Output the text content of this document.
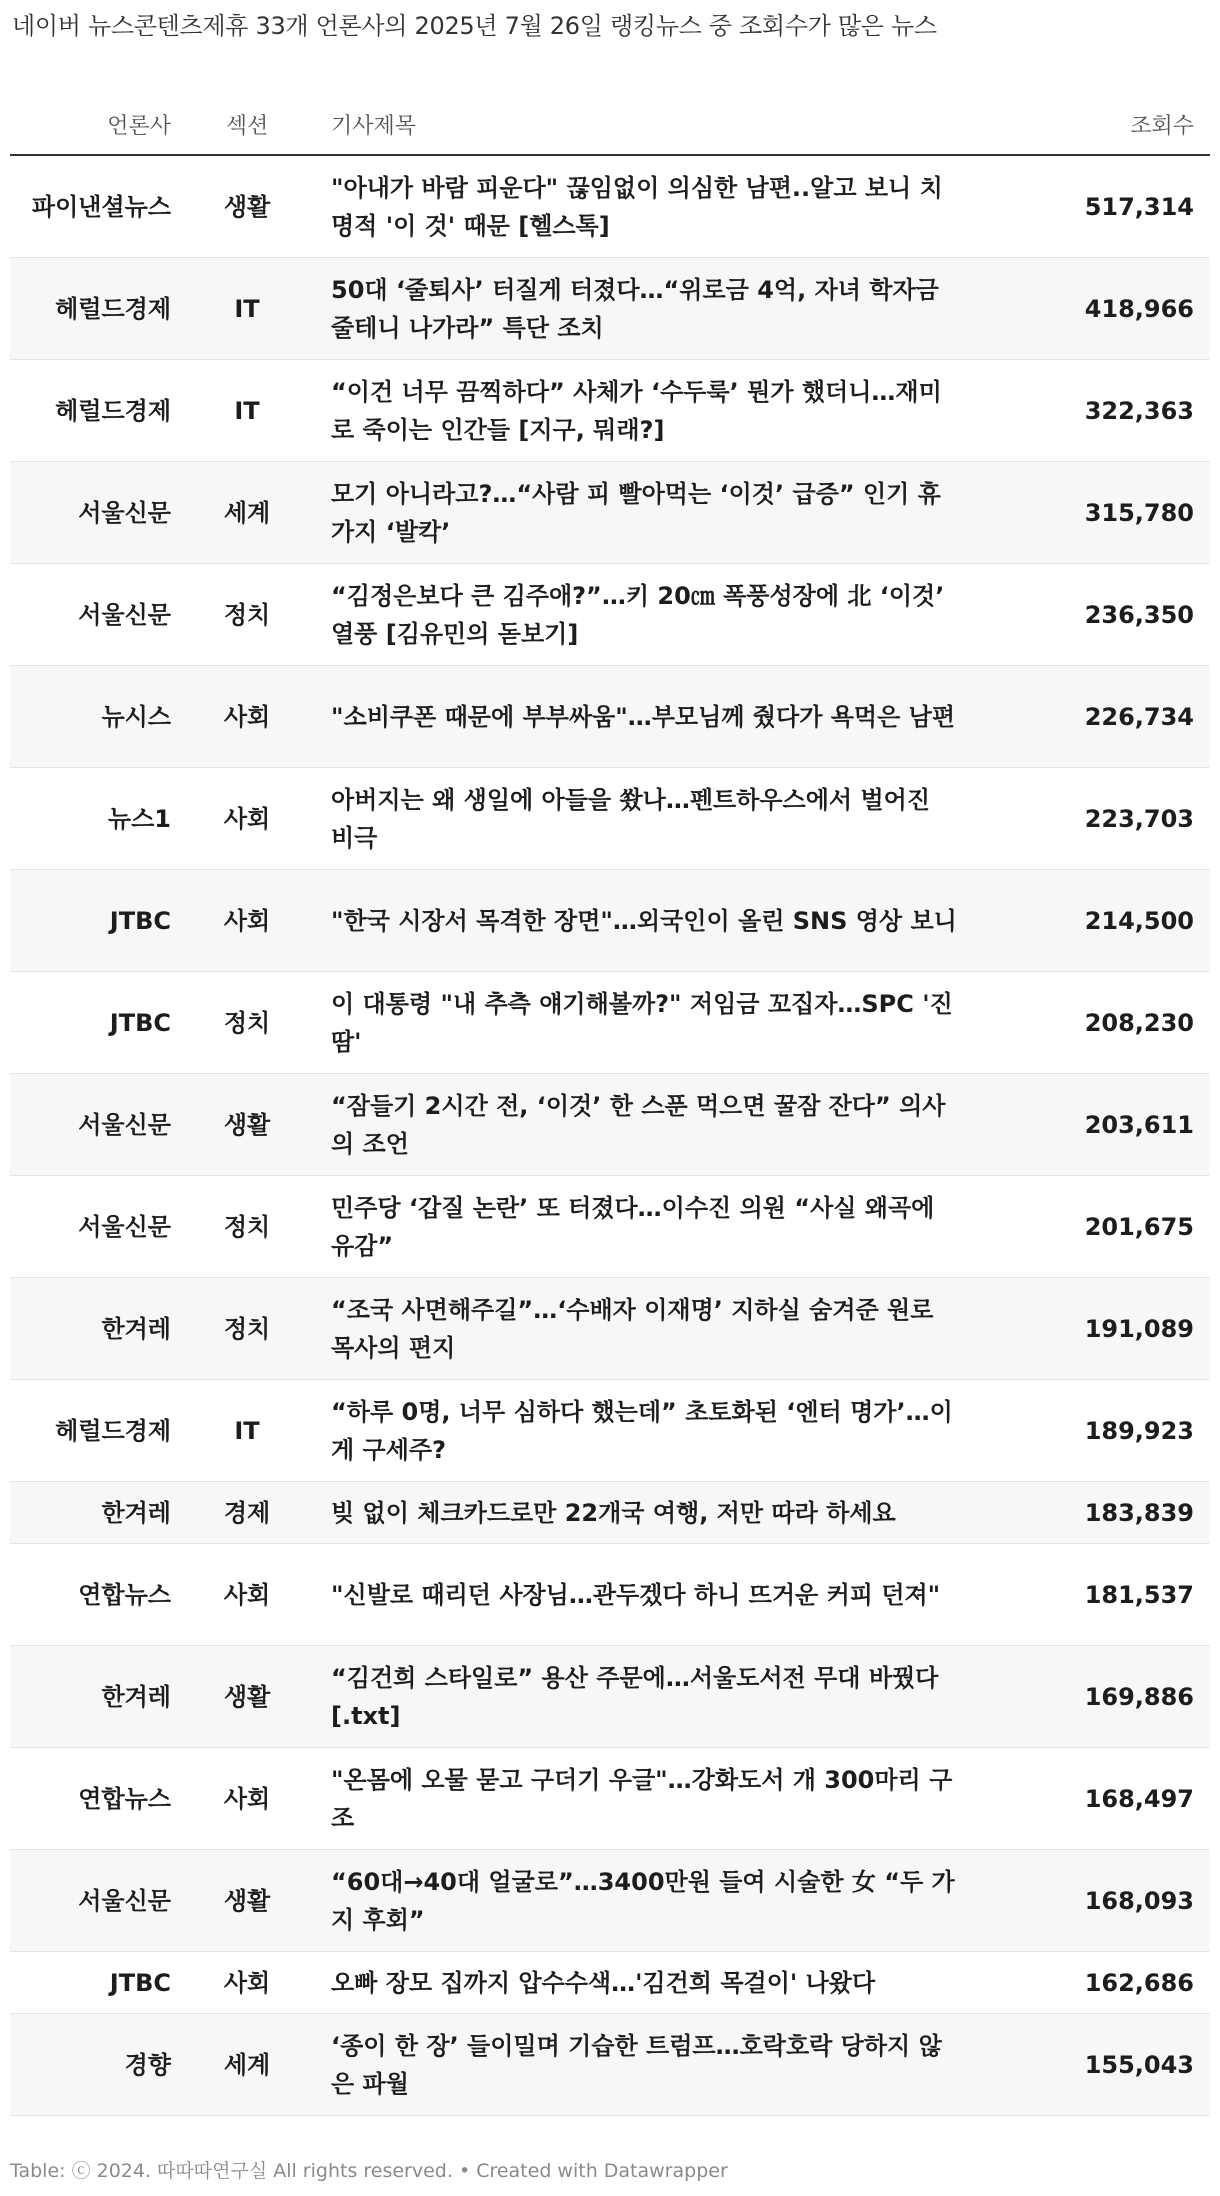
네이버 뉴스콘텐츠제휴 33개 언론사의 2025년 7월 26일 랭킹뉴스 중 조회수가 많은 뉴스
언론사	섹션	기사제목	조회수
파이낸셜뉴스	생활	"아내가 바람 피운다" 끊임없이 의심한 남편..알고 보니 치명적 '이 것' 때문 [헬스톡]	517,314
헤럴드경제	IT	50대 ‘줄퇴사’ 터질게 터졌다…“위로금 4억, 자녀 학자금 줄테니 나가라” 특단 조치	418,966
헤럴드경제	IT	“이건 너무 끔찍하다” 사체가 ‘수두룩’ 뭔가 했더니…재미로 죽이는 인간들 [지구, 뭐래?]	322,363
서울신문	세계	모기 아니라고?…“사람 피 빨아먹는 ‘이것’ 급증” 인기 휴가지 ‘발칵’	315,780
서울신문	정치	“김정은보다 큰 김주애?”…키 20㎝ 폭풍성장에 北 ‘이것’ 열풍 [김유민의 돋보기]	236,350
뉴시스	사회	"소비쿠폰 때문에 부부싸움"…부모님께 줬다가 욕먹은 남편	226,734
뉴스1	사회	아버지는 왜 생일에 아들을 쐈나…펜트하우스에서 벌어진 비극	223,703
JTBC	사회	"한국 시장서 목격한 장면"…외국인이 올린 SNS 영상 보니	214,500
JTBC	정치	이 대통령 "내 추측 얘기해볼까?" 저임금 꼬집자…SPC '진땀'	208,230
서울신문	생활	“잠들기 2시간 전, ‘이것’ 한 스푼 먹으면 꿀잠 잔다” 의사의 조언	203,611
서울신문	정치	민주당 ‘갑질 논란’ 또 터졌다…이수진 의원 “사실 왜곡에 유감”	201,675
한겨레	정치	“조국 사면해주길”…‘수배자 이재명’ 지하실 숨겨준 원로 목사의 편지	191,089
헤럴드경제	IT	“하루 0명, 너무 심하다 했는데” 초토화된 ‘엔터 명가’…이게 구세주?	189,923
한겨레	경제	빚 없이 체크카드로만 22개국 여행, 저만 따라 하세요	183,839
연합뉴스	사회	"신발로 때리던 사장님…관두겠다 하니 뜨거운 커피 던져"	181,537
한겨레	생활	“김건희 스타일로” 용산 주문에…서울도서전 무대 바꿨다 [.txt]	169,886
연합뉴스	사회	"온몸에 오물 묻고 구더기 우글"…강화도서 개 300마리 구조	168,497
서울신문	생활	“60대→40대 얼굴로”…3400만원 들여 시술한 女 “두 가지 후회”	168,093
JTBC	사회	오빠 장모 집까지 압수수색…'김건희 목걸이' 나왔다	162,686
경향	세계	‘종이 한 장’ 들이밀며 기습한 트럼프…호락호락 당하지 않은 파월	155,043
Table: ⓒ 2024. 따따따연구실 All rights reserved. • Created with Datawrapper
